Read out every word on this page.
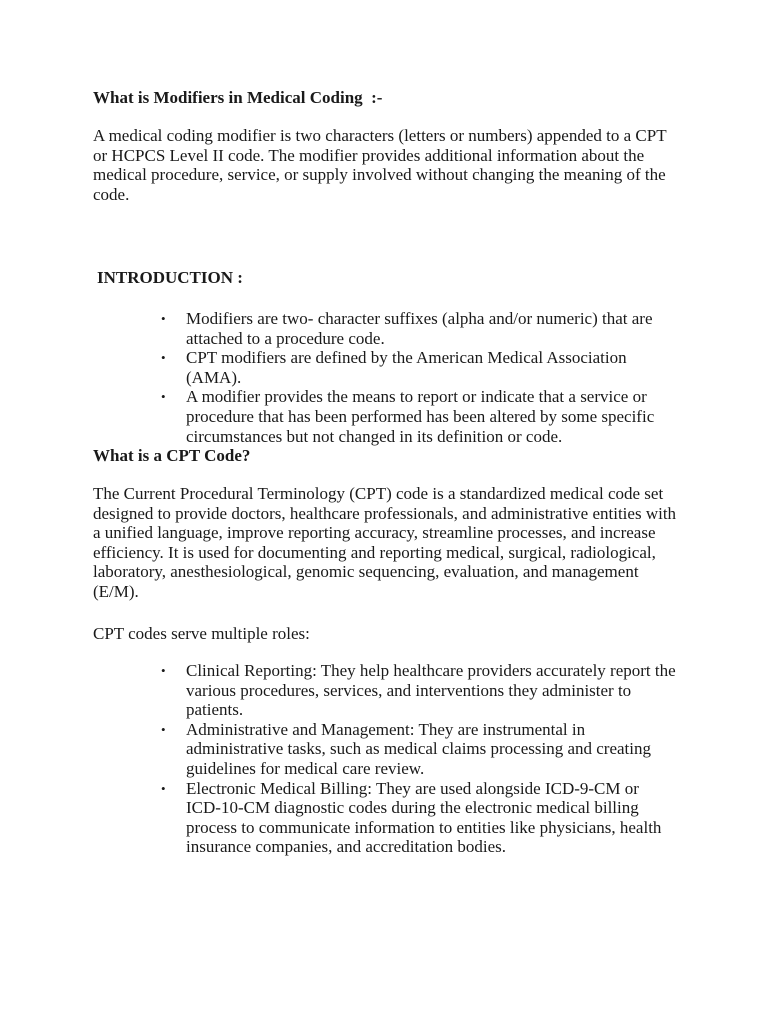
What is Modifiers in Medical Coding  :-

A medical coding modifier is two characters (letters or numbers) appended to a CPT or HCPCS Level II code. The modifier provides additional information about the medical procedure, service, or supply involved without changing the meaning of the code.

INTRODUCTION :
• Modifiers are two- character suffixes (alpha and/or numeric) that are attached to a procedure code.
• CPT modifiers are defined by the American Medical Association (AMA).
• A modifier provides the means to report or indicate that a service or procedure that has been performed has been altered by some specific circumstances but not changed in its definition or code.
What is a CPT Code?

The Current Procedural Terminology (CPT) code is a standardized medical code set designed to provide doctors, healthcare professionals, and administrative entities with a unified language, improve reporting accuracy, streamline processes, and increase efficiency. It is used for documenting and reporting medical, surgical, radiological, laboratory, anesthesiological, genomic sequencing, evaluation, and management (E/M).

CPT codes serve multiple roles:

• Clinical Reporting: They help healthcare providers accurately report the various procedures, services, and interventions they administer to patients.
• Administrative and Management: They are instrumental in administrative tasks, such as medical claims processing and creating guidelines for medical care review.
• Electronic Medical Billing: They are used alongside ICD-9-CM or ICD-10-CM diagnostic codes during the electronic medical billing process to communicate information to entities like physicians, health insurance companies, and accreditation bodies.
